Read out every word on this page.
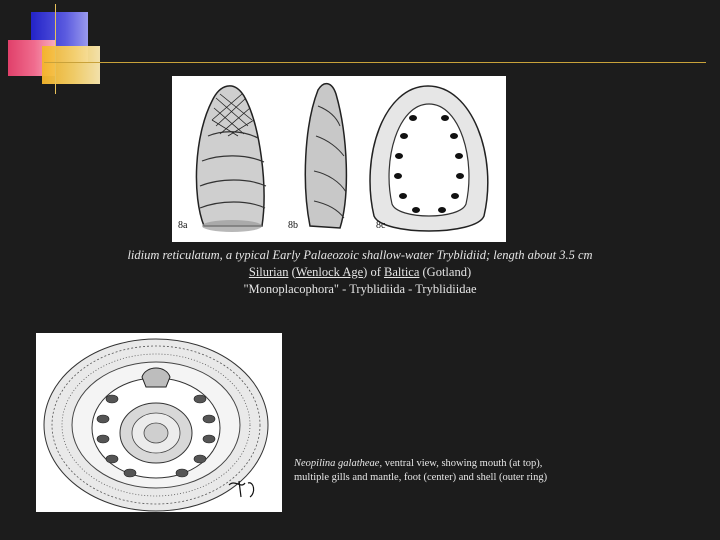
8a	8b	8c
lidium reticulatum, a typical Early Palaeozoic shallow-water Tryblidiid; length about 3.5 cm
Silurian (Wenlock Age) of Baltica (Gotland)
"Monoplacophora" - Tryblidiida - Tryblidiidae
Neopilina galatheae, ventral view, showing mouth (at top), multiple gills and mantle, foot (center) and shell (outer ring)
